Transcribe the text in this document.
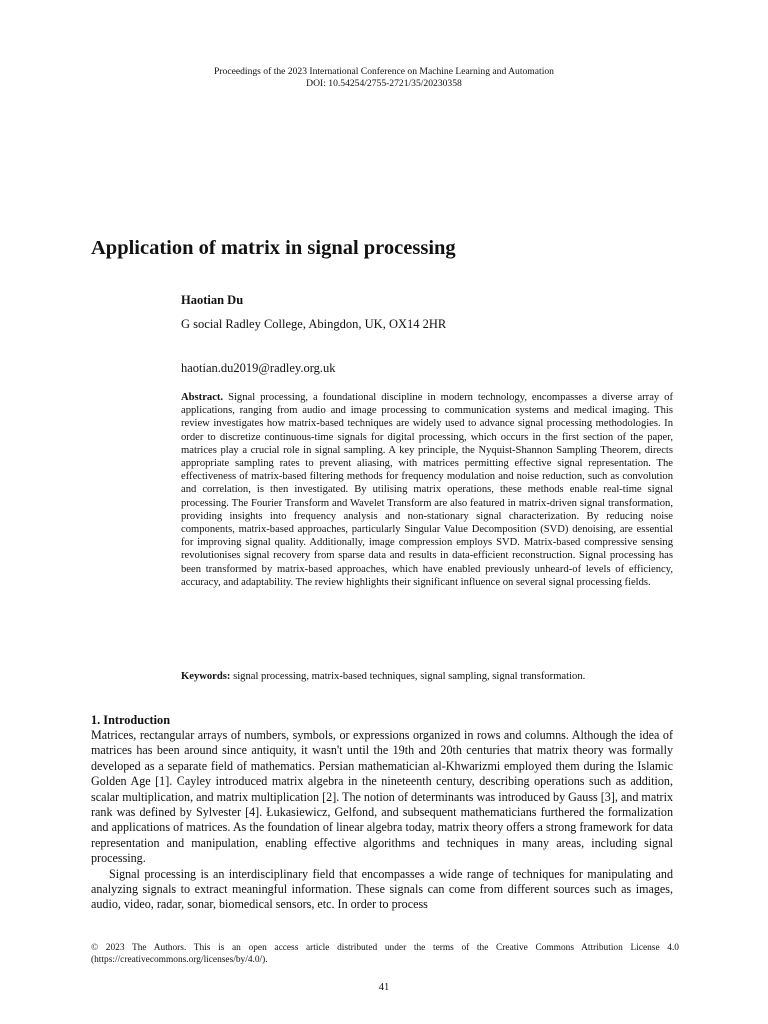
Proceedings of the 2023 International Conference on Machine Learning and Automation
DOI: 10.54254/2755-2721/35/20230358
Application of matrix in signal processing
Haotian Du
G social Radley College, Abingdon, UK, OX14 2HR
haotian.du2019@radley.org.uk

Abstract. Signal processing, a foundational discipline in modern technology, encompasses a diverse array of applications, ranging from audio and image processing to communication systems and medical imaging. This review investigates how matrix-based techniques are widely used to advance signal processing methodologies. In order to discretize continuous-time signals for digital processing, which occurs in the first section of the paper, matrices play a crucial role in signal sampling. A key principle, the Nyquist-Shannon Sampling Theorem, directs appropriate sampling rates to prevent aliasing, with matrices permitting effective signal representation. The effectiveness of matrix-based filtering methods for frequency modulation and noise reduction, such as convolution and correlation, is then investigated. By utilising matrix operations, these methods enable real-time signal processing. The Fourier Transform and Wavelet Transform are also featured in matrix-driven signal transformation, providing insights into frequency analysis and non-stationary signal characterization. By reducing noise components, matrix-based approaches, particularly Singular Value Decomposition (SVD) denoising, are essential for improving signal quality. Additionally, image compression employs SVD. Matrix-based compressive sensing revolutionises signal recovery from sparse data and results in data-efficient reconstruction. Signal processing has been transformed by matrix-based approaches, which have enabled previously unheard-of levels of efficiency, accuracy, and adaptability. The review highlights their significant influence on several signal processing fields.

Keywords: signal processing, matrix-based techniques, signal sampling, signal transformation.

1. Introduction

Matrices, rectangular arrays of numbers, symbols, or expressions organized in rows and columns. Although the idea of matrices has been around since antiquity, it wasn't until the 19th and 20th centuries that matrix theory was formally developed as a separate field of mathematics. Persian mathematician al-Khwarizmi employed them during the Islamic Golden Age [1]. Cayley introduced matrix algebra in the nineteenth century, describing operations such as addition, scalar multiplication, and matrix multiplication [2]. The notion of determinants was introduced by Gauss [3], and matrix rank was defined by Sylvester [4]. Łukasiewicz, Gelfond, and subsequent mathematicians furthered the formalization and applications of matrices. As the foundation of linear algebra today, matrix theory offers a strong framework for data representation and manipulation, enabling effective algorithms and techniques in many areas, including signal processing.

Signal processing is an interdisciplinary field that encompasses a wide range of techniques for manipulating and analyzing signals to extract meaningful information. These signals can come from different sources such as images, audio, video, radar, sonar, biomedical sensors, etc. In order to process

© 2023 The Authors. This is an open access article distributed under the terms of the Creative Commons Attribution License 4.0 (https://creativecommons.org/licenses/by/4.0/).
41
